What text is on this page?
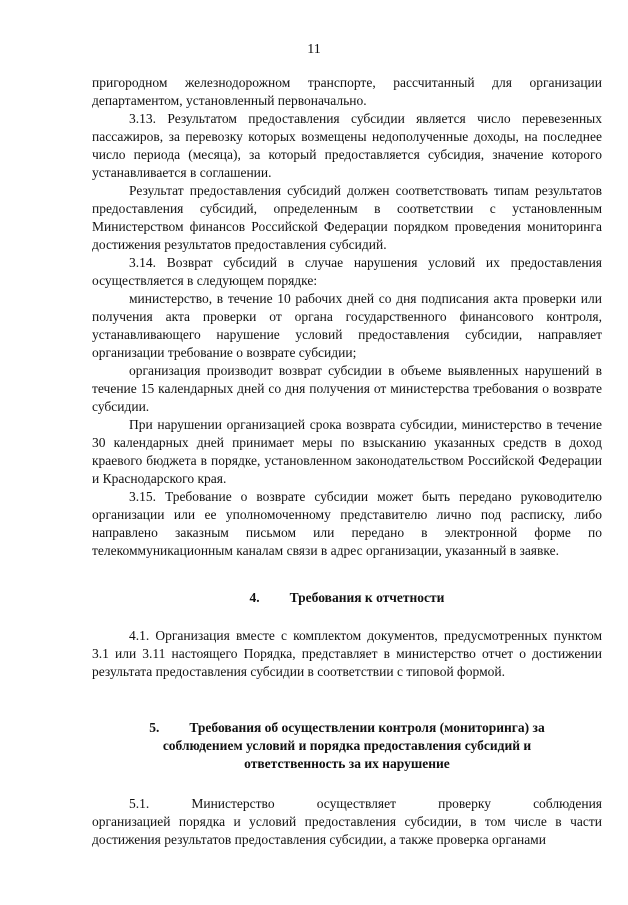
11

пригородном железнодорожном транспорте, рассчитанный для организации департаментом, установленный первоначально.

3.13. Результатом предоставления субсидии является число перевезенных пассажиров, за перевозку которых возмещены недополученные доходы, на последнее число периода (месяца), за который предоставляется субсидия, значение которого устанавливается в соглашении.

Результат предоставления субсидий должен соответствовать типам результатов предоставления субсидий, определенным в соответствии с установленным Министерством финансов Российской Федерации порядком проведения мониторинга достижения результатов предоставления субсидий.

3.14. Возврат субсидий в случае нарушения условий их предоставления осуществляется в следующем порядке:

министерство, в течение 10 рабочих дней со дня подписания акта проверки или получения акта проверки от органа государственного финансового контроля, устанавливающего нарушение условий предоставления субсидии, направляет организации требование о возврате субсидии;

организация производит возврат субсидии в объеме выявленных нарушений в течение 15 календарных дней со дня получения от министерства требования о возврате субсидии.

При нарушении организацией срока возврата субсидии, министерство в течение 30 календарных дней принимает меры по взысканию указанных средств в доход краевого бюджета в порядке, установленном законодательством Российской Федерации и Краснодарского края.

3.15. Требование о возврате субсидии может быть передано руководителю организации или ее уполномоченному представителю лично под расписку, либо направлено заказным письмом или передано в электронной форме по телекоммуникационным каналам связи в адрес организации, указанный в заявке.

4. Требования к отчетности

4.1. Организация вместе с комплектом документов, предусмотренных пунктом 3.1 или 3.11 настоящего Порядка, представляет в министерство отчет о достижении результата предоставления субсидии в соответствии с типовой формой.

5. Требования об осуществлении контроля (мониторинга) за
соблюдением условий и порядка предоставления субсидий и
ответственность за их нарушение
5.1. Министерство осуществляет проверку соблюдения

организацией порядка и условий предоставления субсидии, в том числе в части достижения результатов предоставления субсидии, а также проверка органами
